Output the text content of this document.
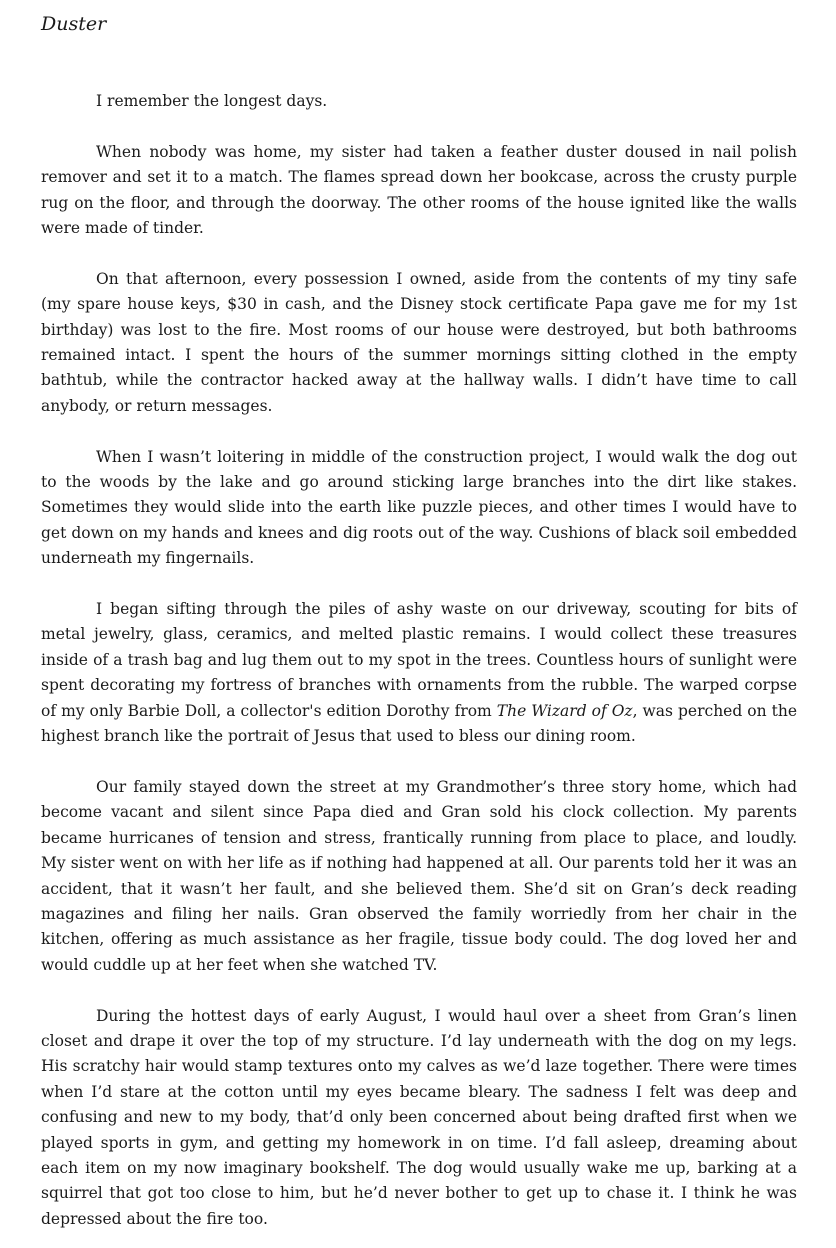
Duster

I remember the longest days.

When nobody was home, my sister had taken a feather duster doused in nail polish remover and set it to a match. The flames spread down her bookcase, across the crusty purple rug on the floor, and through the doorway. The other rooms of the house ignited like the walls were made of tinder.

On that afternoon, every possession I owned, aside from the contents of my tiny safe (my spare house keys, $30 in cash, and the Disney stock certificate Papa gave me for my 1st birthday) was lost to the fire. Most rooms of our house were destroyed, but both bathrooms remained intact. I spent the hours of the summer mornings sitting clothed in the empty bathtub, while the contractor hacked away at the hallway walls. I didn’t have time to call anybody, or return messages.

When I wasn’t loitering in middle of the construction project, I would walk the dog out to the woods by the lake and go around sticking large branches into the dirt like stakes. Sometimes they would slide into the earth like puzzle pieces, and other times I would have to get down on my hands and knees and dig roots out of the way. Cushions of black soil embedded underneath my fingernails.

I began sifting through the piles of ashy waste on our driveway, scouting for bits of metal jewelry, glass, ceramics, and melted plastic remains. I would collect these treasures inside of a trash bag and lug them out to my spot in the trees. Countless hours of sunlight were spent decorating my fortress of branches with ornaments from the rubble. The warped corpse of my only Barbie Doll, a collector's edition Dorothy from The Wizard of Oz, was perched on the highest branch like the portrait of Jesus that used to bless our dining room.

Our family stayed down the street at my Grandmother’s three story home, which had become vacant and silent since Papa died and Gran sold his clock collection. My parents became hurricanes of tension and stress, frantically running from place to place, and loudly. My sister went on with her life as if nothing had happened at all. Our parents told her it was an accident, that it wasn’t her fault, and she believed them. She’d sit on Gran’s deck reading magazines and filing her nails. Gran observed the family worriedly from her chair in the kitchen, offering as much assistance as her fragile, tissue body could. The dog loved her and would cuddle up at her feet when she watched TV.

During the hottest days of early August, I would haul over a sheet from Gran’s linen closet and drape it over the top of my structure. I’d lay underneath with the dog on my legs. His scratchy hair would stamp textures onto my calves as we’d laze together. There were times when I’d stare at the cotton until my eyes became bleary. The sadness I felt was deep and confusing and new to my body, that’d only been concerned about being drafted first when we played sports in gym, and getting my homework in on time. I’d fall asleep, dreaming about each item on my now imaginary bookshelf. The dog would usually wake me up, barking at a squirrel that got too close to him, but he’d never bother to get up to chase it. I think he was depressed about the fire too.
